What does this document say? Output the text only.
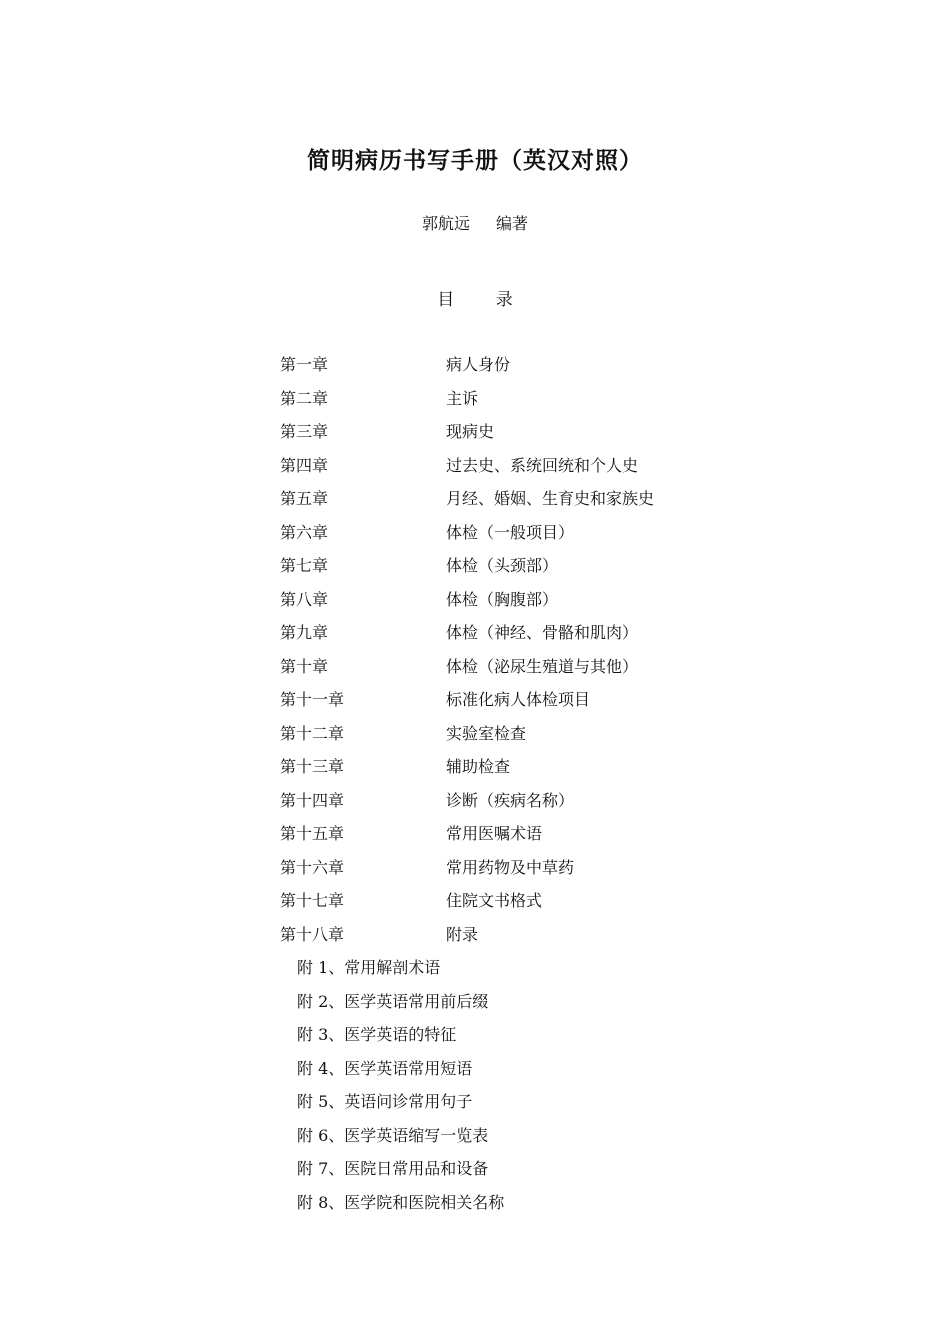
简明病历书写手册（英汉对照）
郭航远 编著
目 录
第一章	病人身份
第二章	主诉
第三章	现病史
第四章	过去史、系统回统和个人史
第五章	月经、婚姻、生育史和家族史
第六章	体检（一般项目）
第七章	体检（头颈部）
第八章	体检（胸腹部）
第九章	体检（神经、骨骼和肌肉）
第十章	体检（泌尿生殖道与其他）
第十一章	标准化病人体检项目
第十二章	实验室检查
第十三章	辅助检查
第十四章	诊断（疾病名称）
第十五章	常用医嘱术语
第十六章	常用药物及中草药
第十七章	住院文书格式
第十八章	附录
附 1、常用解剖术语
附 2、医学英语常用前后缀
附 3、医学英语的特征
附 4、医学英语常用短语
附 5、英语问诊常用句子
附 6、医学英语缩写一览表
附 7、医院日常用品和设备
附 8、医学院和医院相关名称
